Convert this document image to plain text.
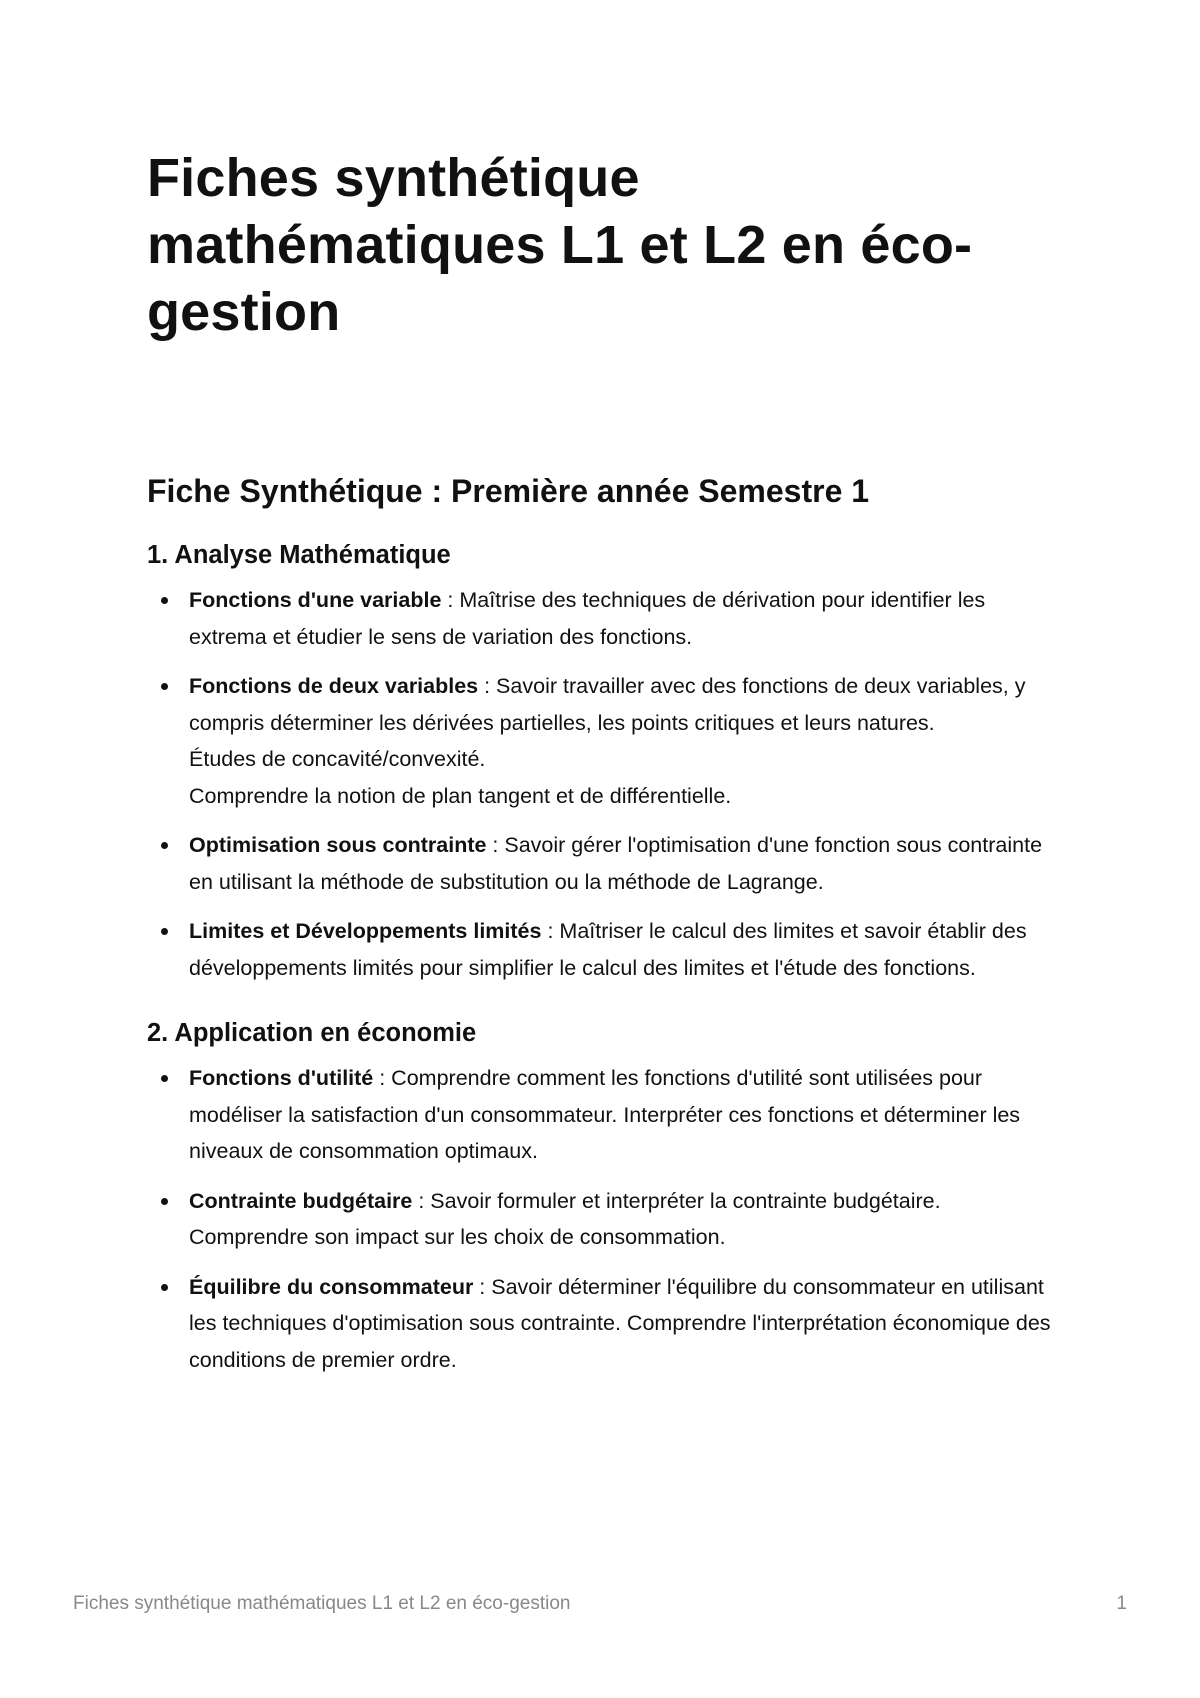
Fiches synthétique
mathématiques L1 et L2 en éco-
gestion
Fiche Synthétique : Première année Semestre 1
1. Analyse Mathématique
Fonctions d'une variable : Maîtrise des techniques de dérivation pour identifier les extrema et étudier le sens de variation des fonctions.
Fonctions de deux variables : Savoir travailler avec des fonctions de deux variables, y compris déterminer les dérivées partielles, les points critiques et leurs natures.
Études de concavité/convexité.
Comprendre la notion de plan tangent et de différentielle.
Optimisation sous contrainte : Savoir gérer l'optimisation d'une fonction sous contrainte en utilisant la méthode de substitution ou la méthode de Lagrange.
Limites et Développements limités : Maîtriser le calcul des limites et savoir établir des développements limités pour simplifier le calcul des limites et l'étude des fonctions.
2. Application en économie
Fonctions d'utilité : Comprendre comment les fonctions d'utilité sont utilisées pour modéliser la satisfaction d'un consommateur. Interpréter ces fonctions et déterminer les niveaux de consommation optimaux.
Contrainte budgétaire : Savoir formuler et interpréter la contrainte budgétaire. Comprendre son impact sur les choix de consommation.
Équilibre du consommateur : Savoir déterminer l'équilibre du consommateur en utilisant les techniques d'optimisation sous contrainte. Comprendre l'interprétation économique des conditions de premier ordre.
Fiches synthétique mathématiques L1 et L2 en éco-gestion	1
